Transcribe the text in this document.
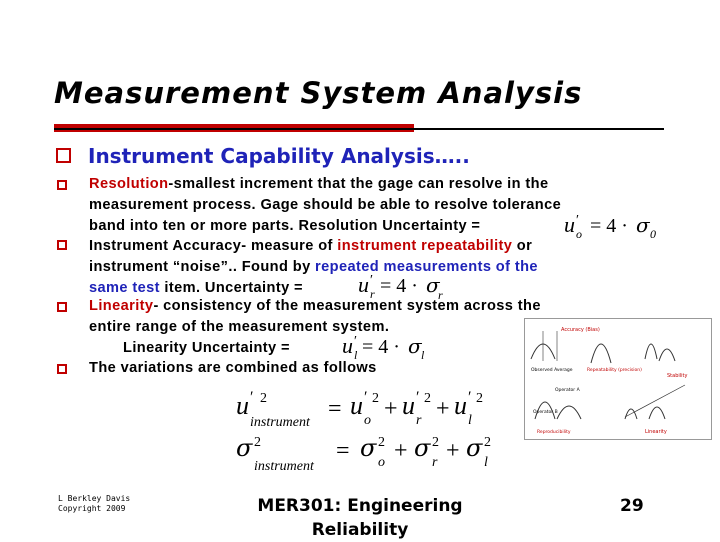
Measurement System Analysis
Instrument Capability Analysis…..
Resolution-smallest increment that the gage can resolve in the
measurement process. Gage should be able to resolve tolerance
band into ten or more parts. Resolution Uncertainty =	u ′
o = 4 · σ 0
Instrument Accuracy- measure of instrument repeatability or
instrument “noise”.. Found by repeated measurements of the
same test item. Uncertainty =	u ′
r = 4 · σ
r
Linearity- consistency of the measurement system across the
entire range of the measurement system.
Linearity Uncertainty =	u ′
l = 4 · σ l
The variations are combined as follows
u ′ 2
instrument
= u ′ 2
o + u ′ 2
r + u ′ 2
l
σ 2
instrument
= σ 2
o + σ 2
r + σ 2
l
Accuracy (Bias)
Observed Average	Repeatability (precision)
Stability
Operator A
Operator B
Reproducibility	Linearity
L Berkley Davis
Copyright 2009	MER301: Engineering
Reliability
29
